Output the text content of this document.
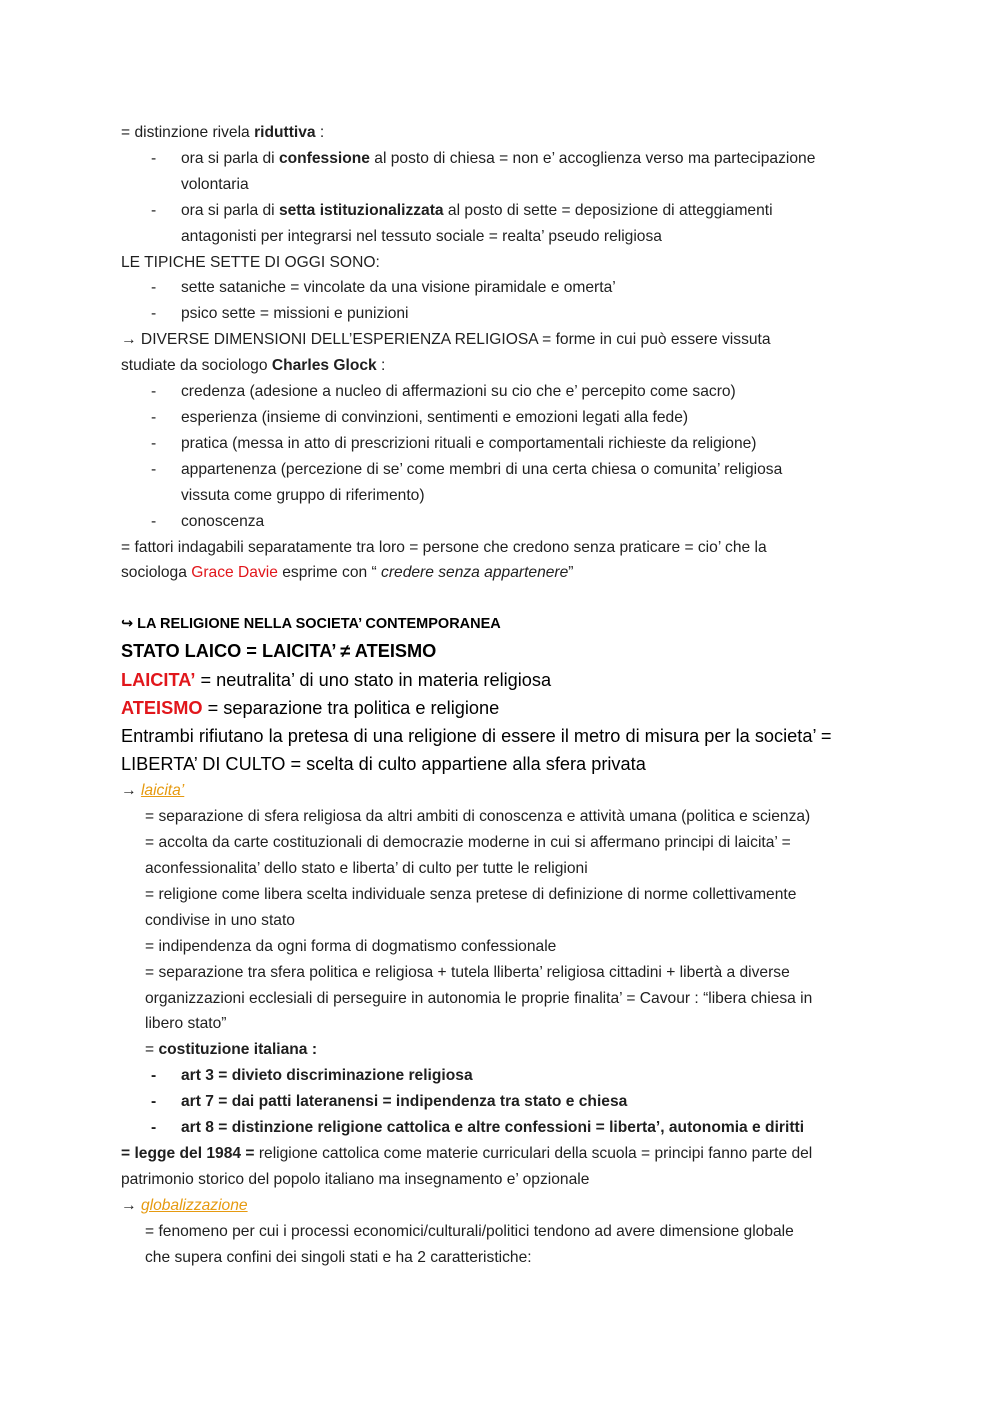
= distinzione rivela riduttiva :
- ora si parla di confessione al posto di chiesa = non e’ accoglienza verso ma partecipazione
volontaria
- ora si parla di setta istituzionalizzata al posto di sette = deposizione di atteggiamenti
antagonisti per integrarsi nel tessuto sociale = realta’ pseudo religiosa
LE TIPICHE SETTE DI OGGI SONO:
- sette sataniche = vincolate da una visione piramidale e omerta’
- psico sette = missioni e punizioni
→ DIVERSE DIMENSIONI DELL’ESPERIENZA RELIGIOSA = forme in cui può essere vissuta
studiate da sociologo Charles Glock :
- credenza (adesione a nucleo di affermazioni su cio che e’ percepito come sacro)
- esperienza (insieme di convinzioni, sentimenti e emozioni legati alla fede)
- pratica (messa in atto di prescrizioni rituali e comportamentali richieste da religione)
- appartenenza (percezione di se’ come membri di una certa chiesa o comunita’ religiosa
vissuta come gruppo di riferimento)
- conoscenza
= fattori indagabili separatamente tra loro = persone che credono senza praticare = cio’ che la
sociologa Grace Davie esprime con “ credere senza appartenere”
↪ LA RELIGIONE NELLA SOCIETA’ CONTEMPORANEA
STATO LAICO = LAICITA’ ≠ ATEISMO
LAICITA’ = neutralita’ di uno stato in materia religiosa
ATEISMO = separazione tra politica e religione
Entrambi rifiutano la pretesa di una religione di essere il metro di misura per la societa’ =
LIBERTA’ DI CULTO = scelta di culto appartiene alla sfera privata
→ laicita’
= separazione di sfera religiosa da altri ambiti di conoscenza e attività umana (politica e scienza)
= accolta da carte costituzionali di democrazie moderne in cui si affermano principi di laicita’ =
aconfessionalita’ dello stato e liberta’ di culto per tutte le religioni
= religione come libera scelta individuale senza pretese di definizione di norme collettivamente
condivise in uno stato
= indipendenza da ogni forma di dogmatismo confessionale
= separazione tra sfera politica e religiosa + tutela lliberta’ religiosa cittadini + libertà a diverse
organizzazioni ecclesiali di perseguire in autonomia le proprie finalita’ = Cavour : “libera chiesa in
libero stato”
= costituzione italiana :
- art 3 = divieto discriminazione religiosa
- art 7 = dai patti lateranensi = indipendenza tra stato e chiesa
- art 8 = distinzione religione cattolica e altre confessioni = liberta’, autonomia e diritti
= legge del 1984 = religione cattolica come materie curriculari della scuola = principi fanno parte del
patrimonio storico del popolo italiano ma insegnamento e’ opzionale
→ globalizzazione
= fenomeno per cui i processi economici/culturali/politici tendono ad avere dimensione globale
che supera confini dei singoli stati e ha 2 caratteristiche:
